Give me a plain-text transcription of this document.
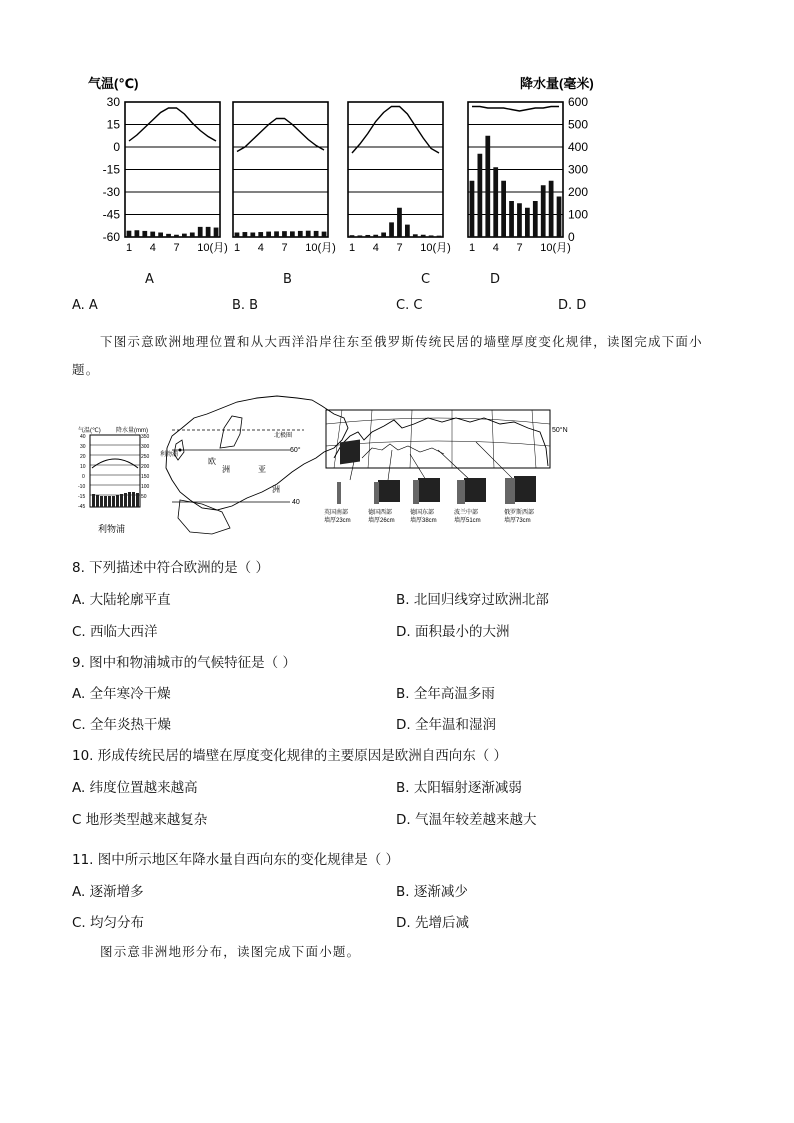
气温(℃)	降水量(毫米)
30
15
0
-15
-30
-45
-60
600
500
400
300
200
100
0
1 4 7 10(月) 1 4 7 10(月) 1 4 7 10(月) 1 4 7 10(月)
A	B	C	D
A. A	B. B	C. C	D. D
下图示意欧洲地理位置和从大西洋沿岸往东至俄罗斯传统民居的墙壁厚度变化规律，读图完成下面小
题。
气温(℃)	降水量(mm)
40
30
20
10
0
-10
-15
-45
350
300
250
200
150
100
50
利物浦
北极圈
60°
40
欧
洲	亚
洲
利物浦
50°N
英国南部
墙厚23cm
德国西部
墙厚26cm
德国东部
墙厚38cm
波兰中部
墙厚51cm
俄罗斯西部
墙厚73cm
8. 下列描述中符合欧洲的是（ ）
A. 大陆轮廓平直	B. 北回归线穿过欧洲北部
C. 西临大西洋	D. 面积最小的大洲
9. 图中和物浦城市的气候特征是（ ）
A. 全年寒冷干燥	B. 全年高温多雨
C. 全年炎热干燥	D. 全年温和湿润
10. 形成传统民居的墙壁在厚度变化规律的主要原因是欧洲自西向东（ ）
A. 纬度位置越来越高	B. 太阳辐射逐渐减弱
C 地形类型越来越复杂	D. 气温年较差越来越大
11. 图中所示地区年降水量自西向东的变化规律是（ ）
A. 逐渐增多	B. 逐渐减少
C. 均匀分布	D. 先增后减
图示意非洲地形分布，读图完成下面小题。
